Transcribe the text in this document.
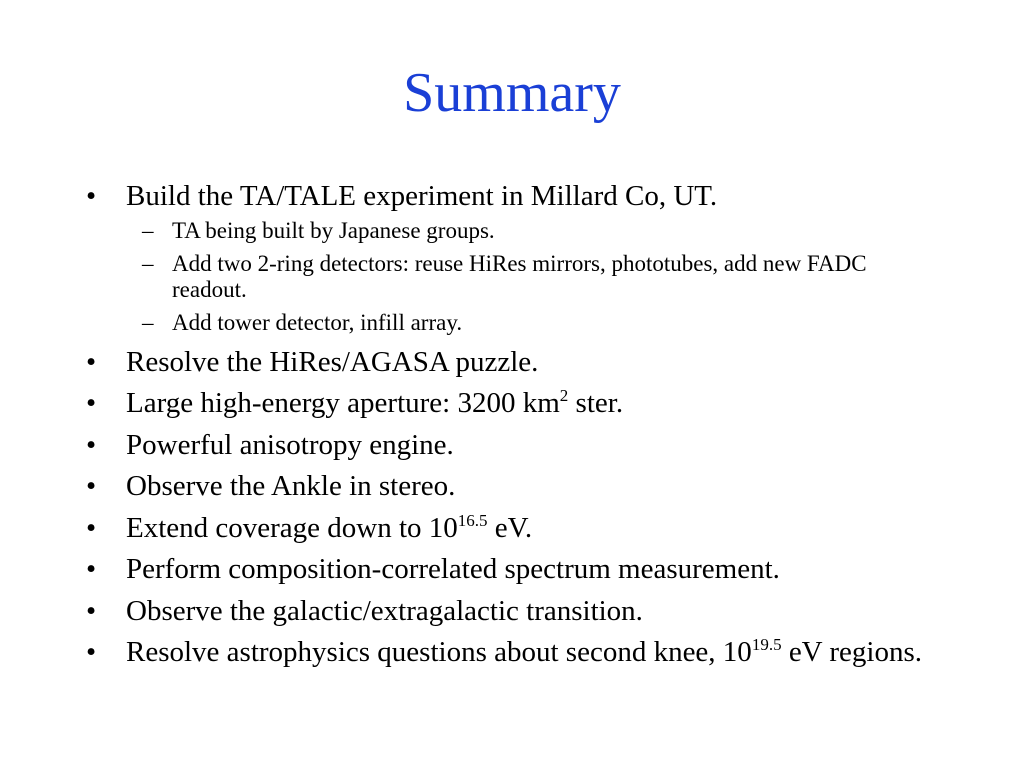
Summary
• Build the TA/TALE experiment in Millard Co, UT.
– TA being built by Japanese groups.
– Add two 2-ring detectors: reuse HiRes mirrors, phototubes, add new FADC readout.
– Add tower detector, infill array.
• Resolve the HiRes/AGASA puzzle.
• Large high-energy aperture: 3200 $km^2$ ster.
• Powerful anisotropy engine.
• Observe the Ankle in stereo.
• Extend coverage down to $10^{16.5}$ eV.
• Perform composition-correlated spectrum measurement.
• Observe the galactic/extragalactic transition.
• Resolve astrophysics questions about second knee, $10^{19.5}$ eV regions.
